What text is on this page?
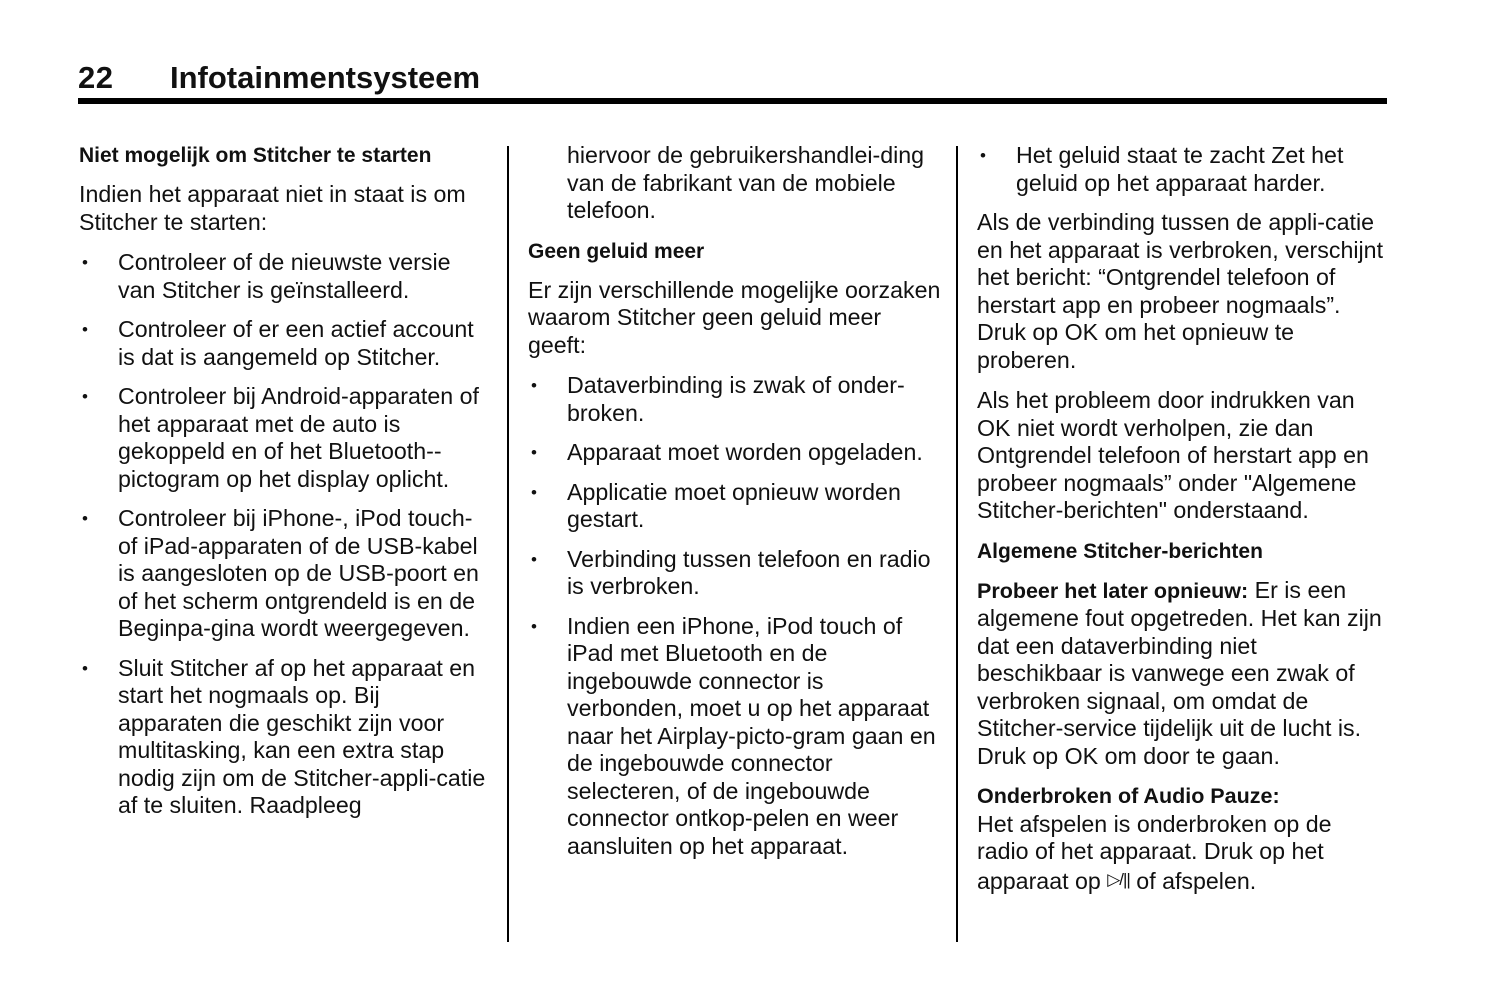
22 Infotainmentsysteem
Niet mogelijk om Stitcher te starten
Indien het apparaat niet in staat is om Stitcher te starten:
• Controleer of de nieuwste versie van Stitcher is geïnstalleerd.
• Controleer of er een actief account is dat is aangemeld op Stitcher.
• Controleer bij Android-apparaten of het apparaat met de auto is gekoppeld en of het Bluetooth--pictogram op het display oplicht.
• Controleer bij iPhone-, iPod touch- of iPad-apparaten of de USB-kabel is aangesloten op de USB-poort en of het scherm ontgrendeld is en de Beginpa-gina wordt weergegeven.
• Sluit Stitcher af op het apparaat en start het nogmaals op. Bij apparaten die geschikt zijn voor multitasking, kan een extra stap nodig zijn om de Stitcher-appli-catie af te sluiten. Raadpleeg
hiervoor de gebruikershandlei-ding van de fabrikant van de mobiele telefoon.
Geen geluid meer
Er zijn verschillende mogelijke oorzaken waarom Stitcher geen geluid meer geeft:
• Dataverbinding is zwak of onder-broken.
• Apparaat moet worden opgeladen.
• Applicatie moet opnieuw worden gestart.
• Verbinding tussen telefoon en radio is verbroken.
• Indien een iPhone, iPod touch of iPad met Bluetooth en de ingebouwde connector is verbonden, moet u op het apparaat naar het Airplay-picto-gram gaan en de ingebouwde connector selecteren, of de ingebouwde connector ontkop-pelen en weer aansluiten op het apparaat.
• Het geluid staat te zacht Zet het geluid op het apparaat harder.
Als de verbinding tussen de appli-catie en het apparaat is verbroken, verschijnt het bericht: “Ontgrendel telefoon of herstart app en probeer nogmaals”. Druk op OK om het opnieuw te proberen.
Als het probleem door indrukken van OK niet wordt verholpen, zie dan Ontgrendel telefoon of herstart app en probeer nogmaals” onder "Algemene Stitcher-berichten" onderstaand.
Algemene Stitcher-berichten
Probeer het later opnieuw: Er is een algemene fout opgetreden. Het kan zijn dat een dataverbinding niet beschikbaar is vanwege een zwak of verbroken signaal, om omdat de Stitcher-service tijdelijk uit de lucht is. Druk op OK om door te gaan.
Onderbroken of Audio Pauze:
Het afspelen is onderbroken op de radio of het apparaat. Druk op het apparaat op ▷/|| of afspelen.
